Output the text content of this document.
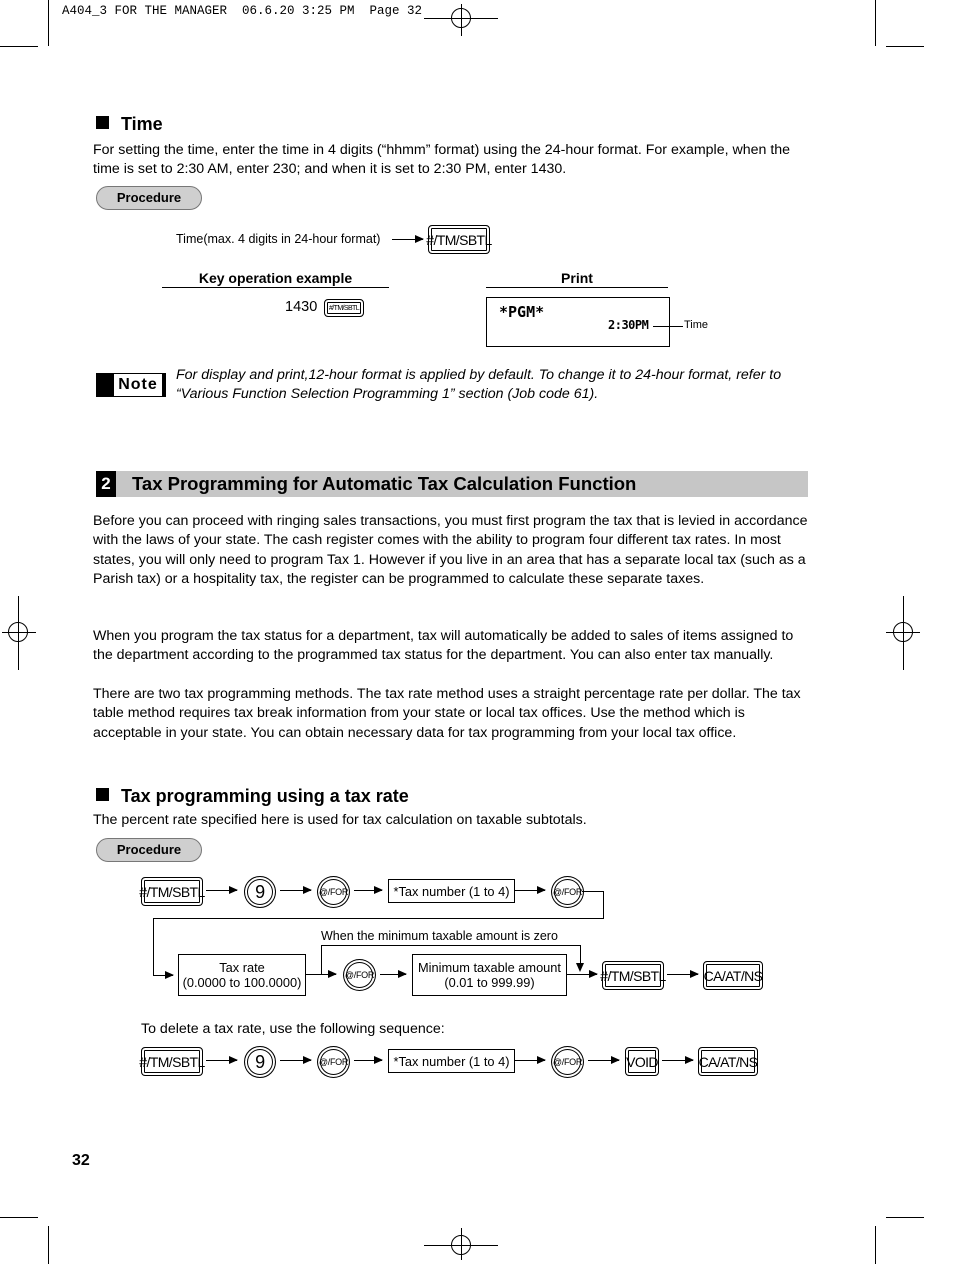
A404_3 FOR THE MANAGER  06.6.20 3:25 PM  Page 32
Time
For setting the time, enter the time in 4 digits (“hhmm” format) using the 24-hour format. For example, when the time is set to 2:30 AM, enter 230; and when it is set to 2:30 PM, enter 1430.
Procedure
Time(max. 4 digits in 24-hour format)	#/TM/SBTL
Key operation example	Print
1430	#/TM/SBTL	*PGM*
2:30PM	Time
Note
For display and print,12-hour format is applied by default. To change it to 24-hour format, refer to “Various Function Selection Programming 1” section (Job code 61).
2 Tax Programming for Automatic Tax Calculation Function
Before you can proceed with ringing sales transactions, you must first program the tax that is levied in accordance with the laws of your state. The cash register comes with the ability to program four different tax rates. In most states, you will only need to program Tax 1. However if you live in an area that has a separate local tax (such as a Parish tax) or a hospitality tax, the register can be programmed to calculate these separate taxes.
When you program the tax status for a department, tax will automatically be added to sales of items assigned to the department according to the programmed tax status for the department. You can also enter tax manually.
There are two tax programming methods. The tax rate method uses a straight percentage rate per dollar. The tax table method requires tax break information from your state or local tax offices. Use the method which is acceptable in your state. You can obtain necessary data for tax programming from your local tax office.
Tax programming using a tax rate
The percent rate specified here is used for tax calculation on taxable subtotals.
Procedure
#/TM/SBTL	9	@/FOR	*Tax number (1 to 4)	@/FOR
Tax rate
(0.0000 to 100.0000)	@/FOR	Minimum taxable amount
(0.01 to 999.99)	#/TM/SBTL	CA/AT/NS
When the minimum taxable amount is zero
To delete a tax rate, use the following sequence:
#/TM/SBTL	9	@/FOR	*Tax number (1 to 4)	@/FOR	VOID	CA/AT/NS
32
